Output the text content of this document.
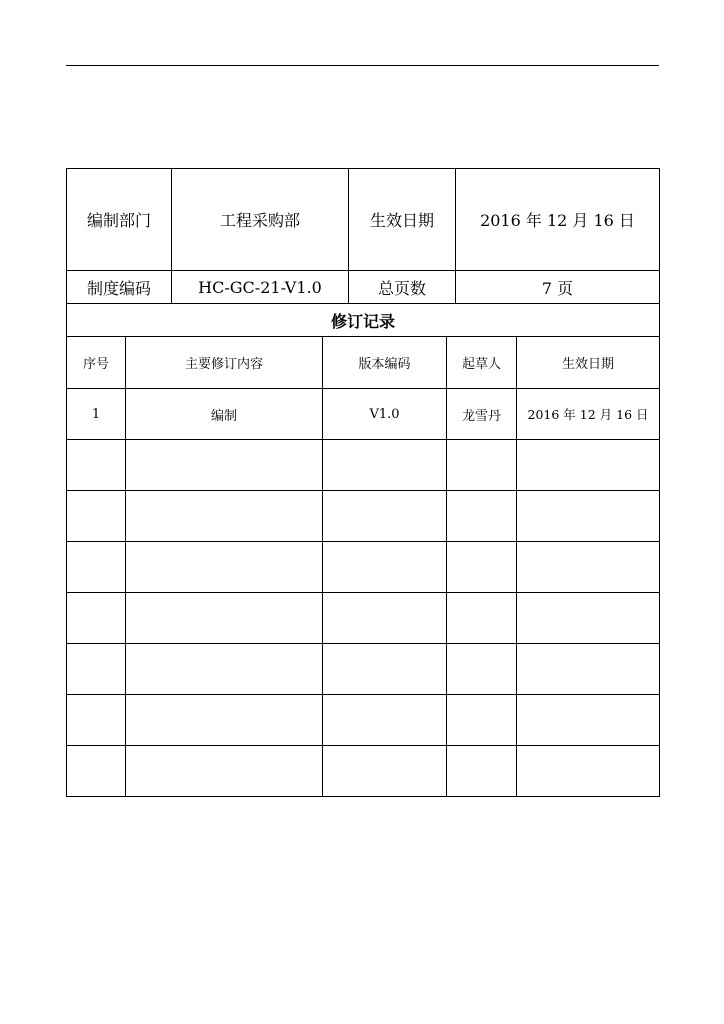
编制部门	工程采购部	生效日期	2016 年 12 月 16 日
制度编码	HC-GC-21-V1.0	总页数	7 页
修订记录				
序号	主要修订内容	版本编码	起草人	生效日期
1	编制	V1.0	龙雪丹	2016 年 12 月 16 日
